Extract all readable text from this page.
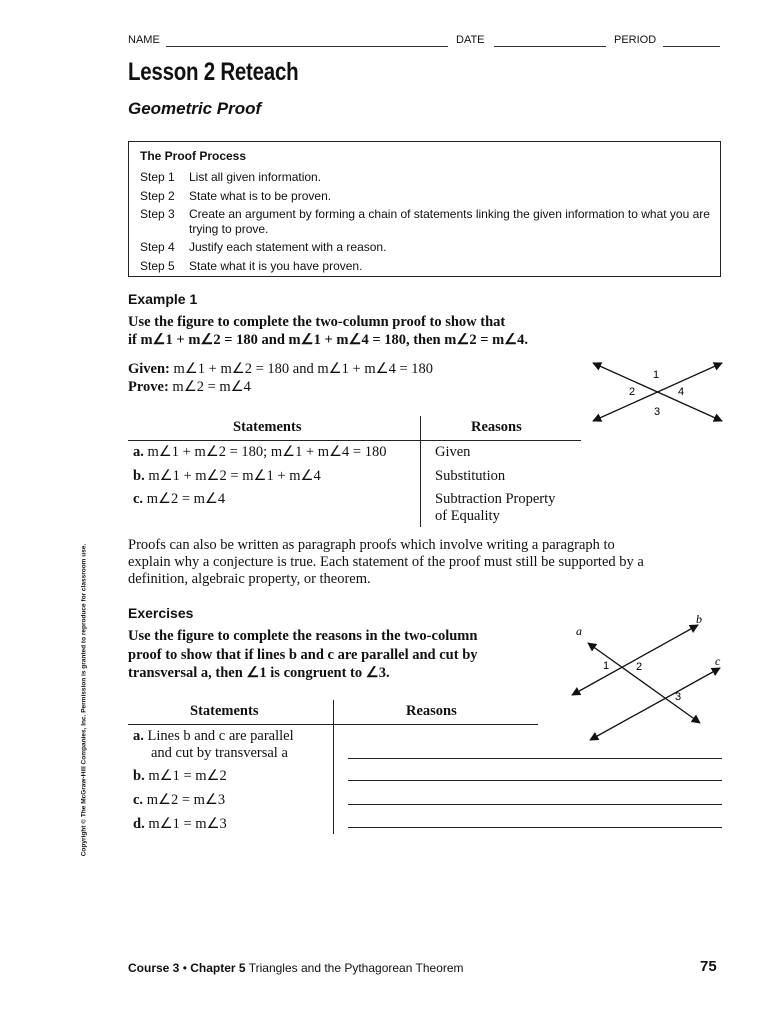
NAME	DATE	PERIOD
Lesson 2 Reteach
Geometric Proof
The Proof Process
Step 1 List all given information.
Step 2 State what is to be proven.
Step 3 Create an argument by forming a chain of statements linking the given information to what you are trying to prove.
Step 4 Justify each statement with a reason.
Step 5 State what it is you have proven.
Example 1
Use the figure to complete the two-column proof to show that
if m∠1 + m∠2 = 180 and m∠1 + m∠4 = 180, then m∠2 = m∠4.
Given: m∠1 + m∠2 = 180 and m∠1 + m∠4 = 180
Prove: m∠2 = m∠4
1
2
3
4
Statements	Reasons
a. m∠1 + m∠2 = 180; m∠1 + m∠4 = 180	Given
b. m∠1 + m∠2 = m∠1 + m∠4	Substitution
c. m∠2 = m∠4	Subtraction Property
of Equality
Proofs can also be written as paragraph proofs which involve writing a paragraph to
explain why a conjecture is true. Each statement of the proof must still be supported by a
definition, algebraic property, or theorem.
Exercises
Use the figure to complete the reasons in the two-column
proof to show that if lines b and c are parallel and cut by
transversal a, then ∠1 is congruent to ∠3.
a
b
c
1 2
3
Statements	Reasons
a. Lines b and c are parallel
and cut by transversal a
b. m∠1 = m∠2
c. m∠2 = m∠3
d. m∠1 = m∠3
Copyright © The McGraw-Hill Companies, Inc. Permission is granted to reproduce for classroom use.
Course 3 • Chapter 5 Triangles and the Pythagorean Theorem	75
